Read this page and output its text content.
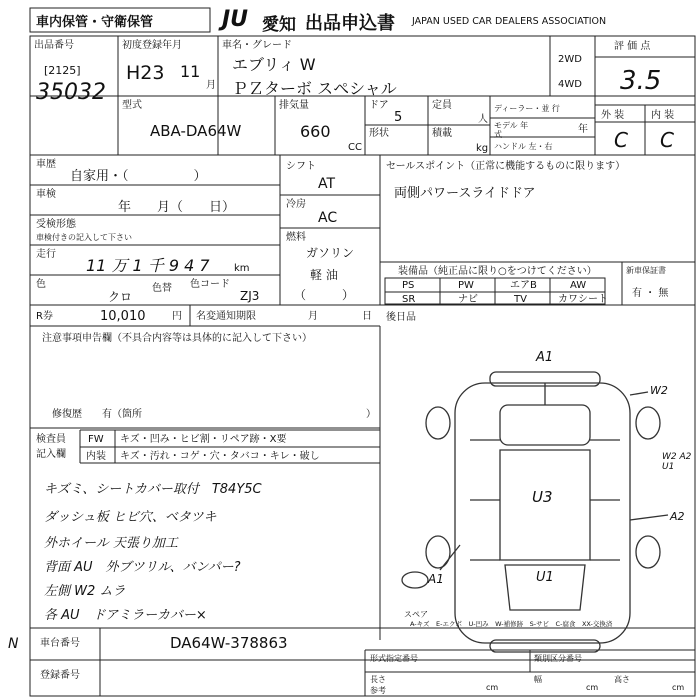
車内保管・守衛保管	JU 愛知 出品申込書 JAPAN USED CAR DEALERS ASSOCIATION
出品番号
[2125]
35032
初度登録年月
H23 11
月
車名・グレード
エブリィ W
ＰＺターボ スペシャル
2WD
4WD
評 価 点
3.5
外 装	内 装
C C
型式
ABA-DA64W
排気量
660
CC
ドア
5
定員
人
形状	積載
kg
ディーラー・並 行
モデル 年 式	年
ハンドル 左・右
車歴
自家用・（　　　　　）
車検
年　　月（　　日）
受検形態
車検付きの記入して下さい
走行
11 万 1 千 9 4 7 km
色
クロ
色替 色コード
ZJ3
シフト
AT
冷房
AC
燃料
ガソリン
軽 油
（　　　）
セールスポイント（正常に機能するものに限ります）
両側パワースライドドア
装備品（純正品に限り○をつけてください）
PS	PW	エアB	AW
SR	ナビ	TV	カワシート
新車保証書
有 ・ 無
R券	10,010	円 名変通知期限	月	日 後日品
注意事項申告欄（不具合内容等は具体的に記入して下さい）
修復歴　　有（箇所	）
検査員
記入欄
FW キズ・凹み・ヒビ割・リペア跡・X要
内装 キズ・汚れ・コゲ・穴・タバコ・キレ・破し
キズミ、シートカバー取付　T84Y5C
ダッシュ板 ヒビ穴、ベタツキ
外ホイール 天張り加工
背面 AU　外ブツリル、バンパー?
左側 W2 ムラ
各 AU　ドアミラーカバー×
A1
W2
U3
U1
A1
A2
W2 A2 U1
スペア
A-キズ　E-エクボ　U-凹み　W-補修跡　S-サビ　C-腐食　XX-交換済
N 車台番号	DA64W-378863
登録番号
形式指定番号	類別区分番号
長さ
cm
幅
cm
高さ
cm
参考
